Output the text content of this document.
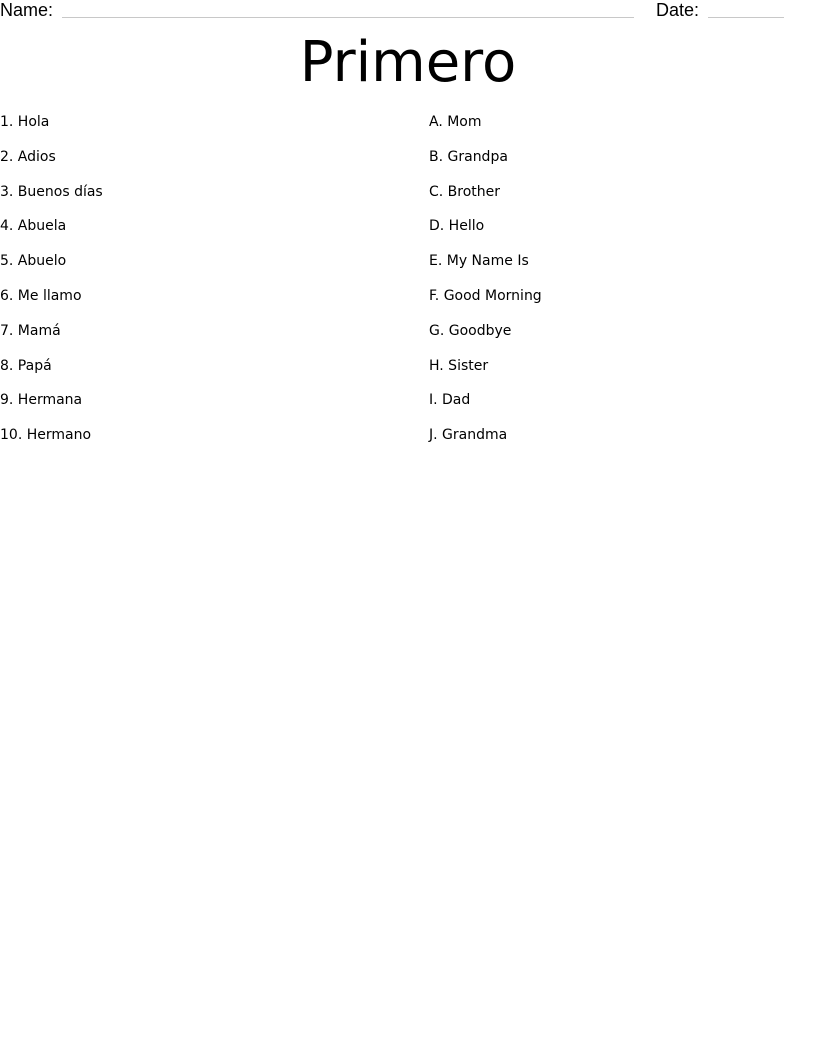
Name:	Date:
Primero
1. Hola
2. Adios
3. Buenos días
4. Abuela
5. Abuelo
6. Me llamo
7. Mamá
8. Papá
9. Hermana
10. Hermano
A. Mom
B. Grandpa
C. Brother
D. Hello
E. My Name Is
F. Good Morning
G. Goodbye
H. Sister
I. Dad
J. Grandma
